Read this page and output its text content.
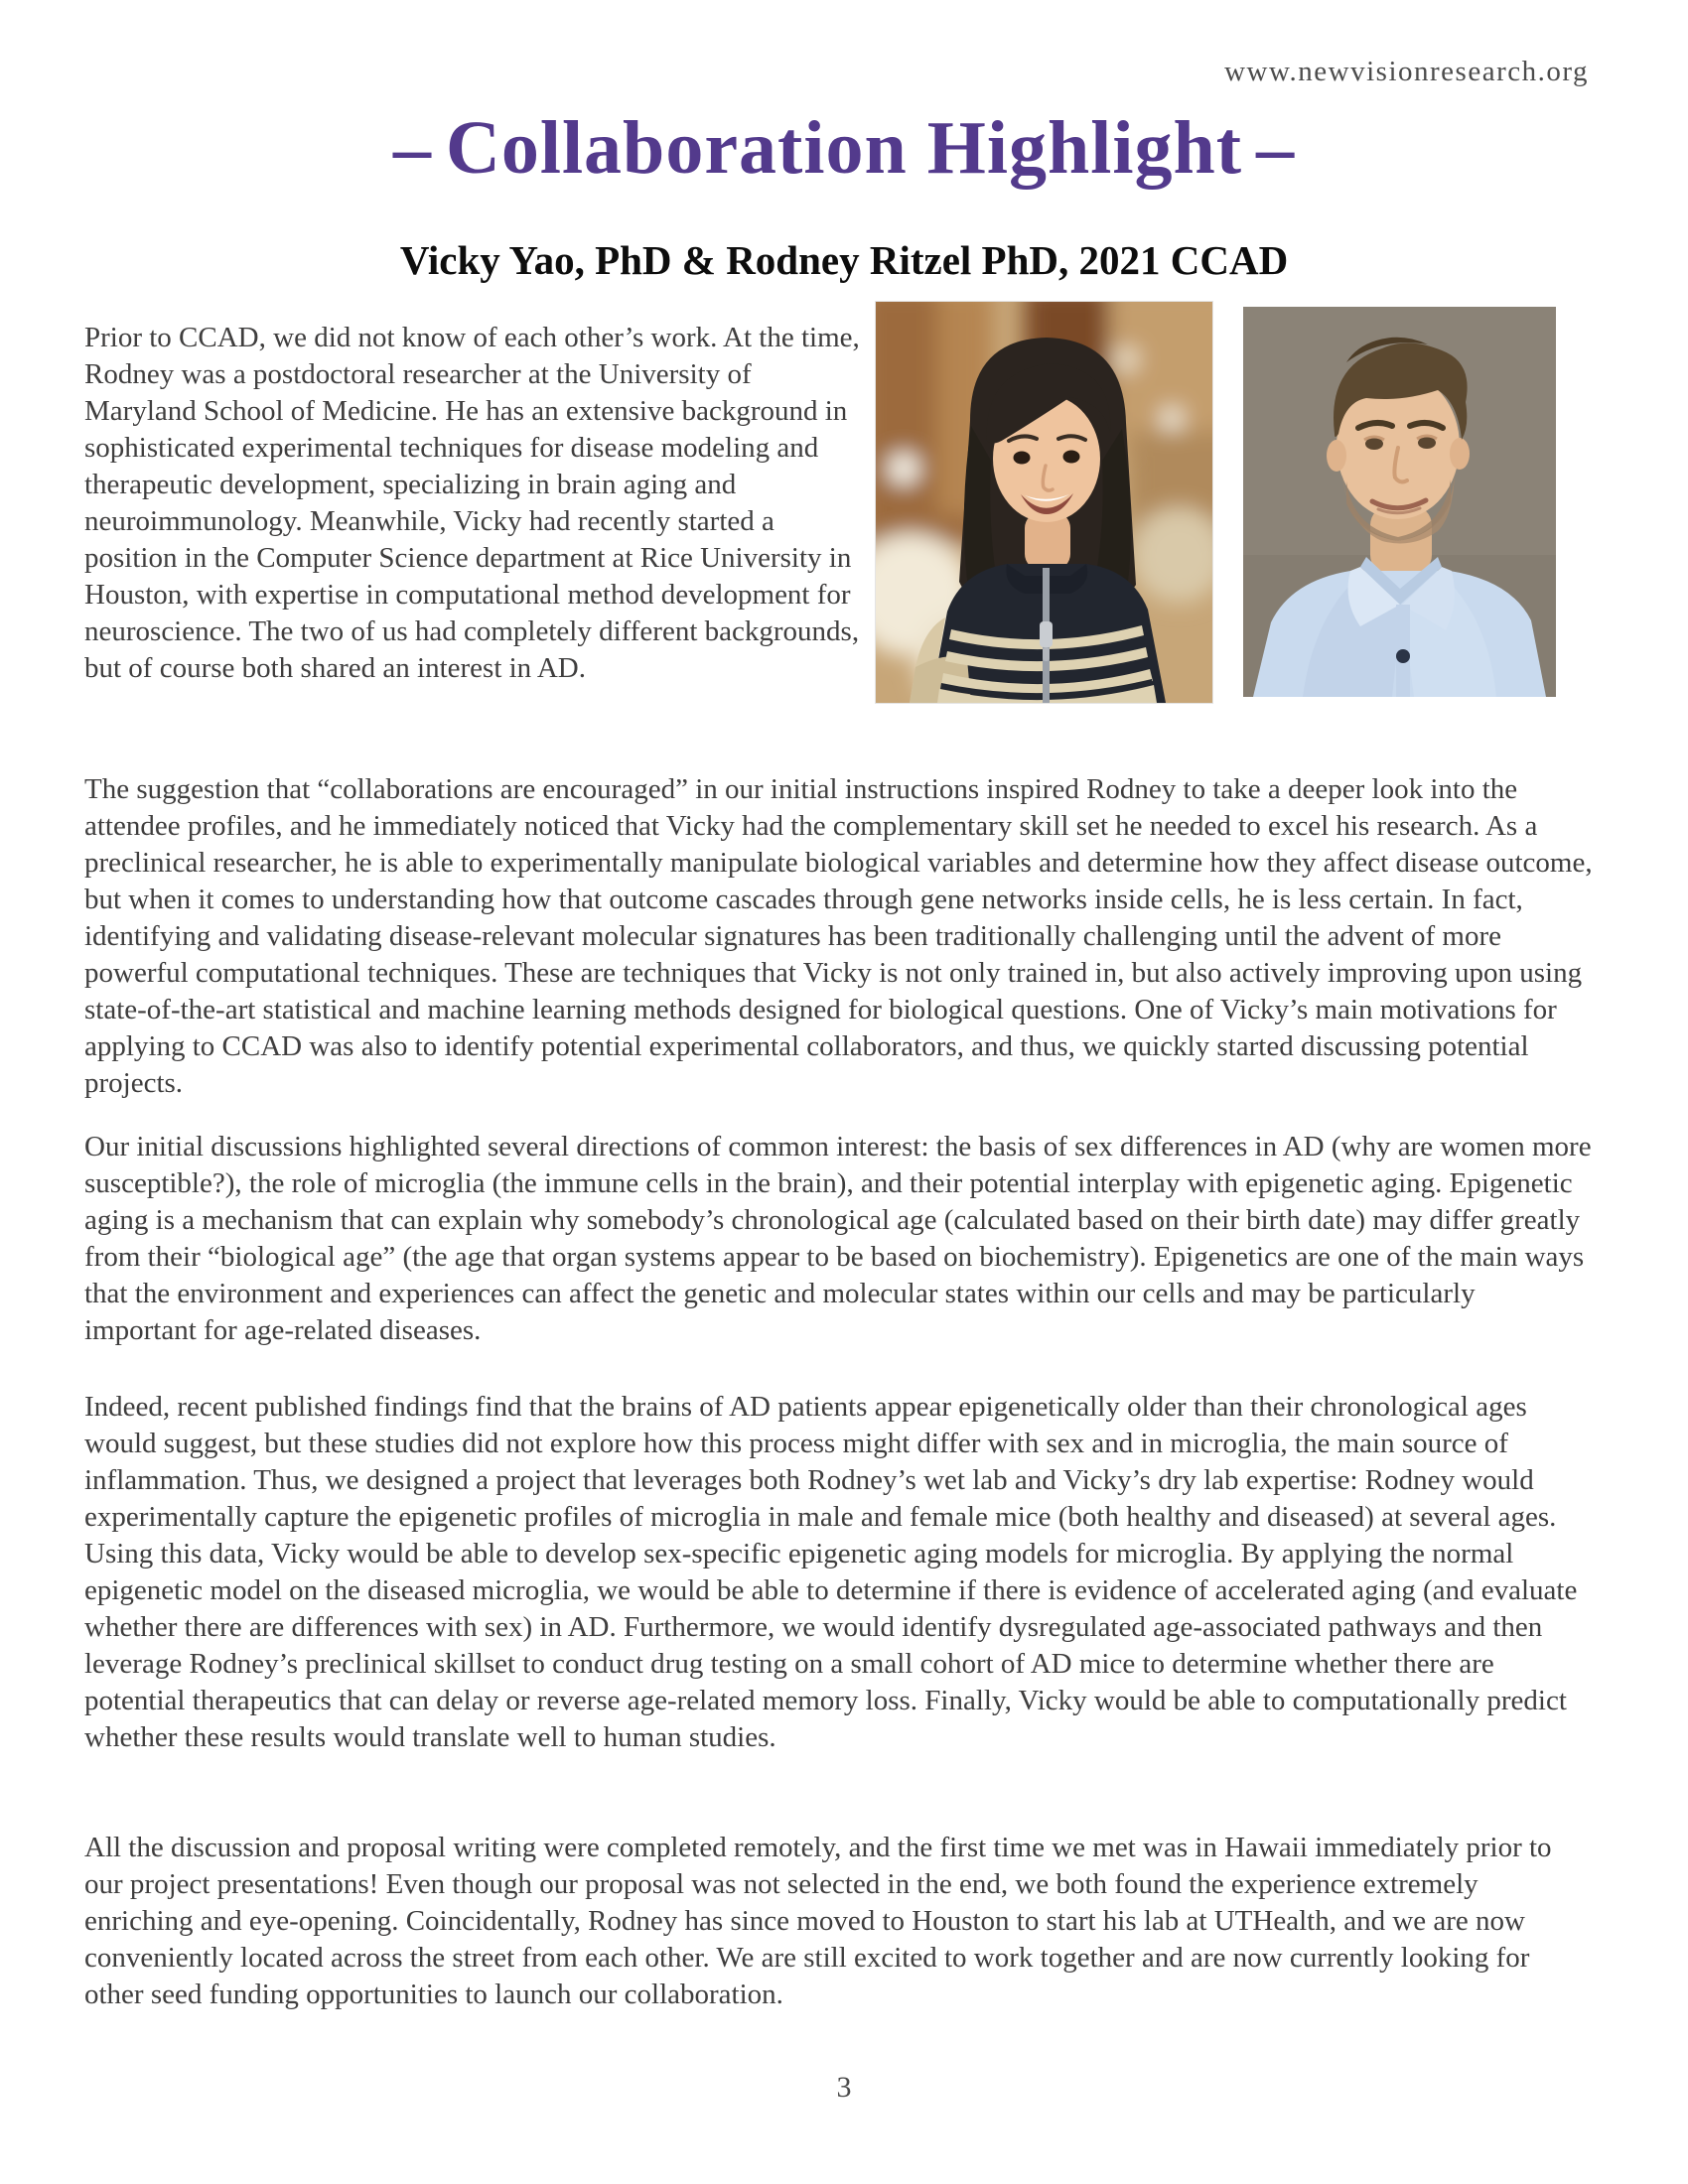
www.newvisionresearch.org
– Collaboration Highlight –
Vicky Yao, PhD & Rodney Ritzel PhD, 2021 CCAD

Prior to CCAD, we did not know of each other’s work. At the time, Rodney was a postdoctoral researcher at the University of Maryland School of Medicine. He has an extensive background in sophisticated experimental techniques for disease modeling and therapeutic development, specializing in brain aging and neuroimmunology. Meanwhile, Vicky had recently started a position in the Computer Science department at Rice University in Houston, with expertise in computational method development for neuroscience. The two of us had completely different backgrounds, but of course both shared an interest in AD.

The suggestion that “collaborations are encouraged” in our initial instructions inspired Rodney to take a deeper look into the attendee profiles, and he immediately noticed that Vicky had the complementary skill set he needed to excel his research. As a preclinical researcher, he is able to experimentally manipulate biological variables and determine how they affect disease outcome, but when it comes to understanding how that outcome cascades through gene networks inside cells, he is less certain. In fact, identifying and validating disease-relevant molecular signatures has been traditionally challenging until the advent of more powerful computational techniques. These are techniques that Vicky is not only trained in, but also actively improving upon using state-of-the-art statistical and machine learning methods designed for biological questions. One of Vicky’s main motivations for applying to CCAD was also to identify potential experimental collaborators, and thus, we quickly started discussing potential projects.

Our initial discussions highlighted several directions of common interest: the basis of sex differences in AD (why are women more susceptible?), the role of microglia (the immune cells in the brain), and their potential interplay with epigenetic aging. Epigenetic aging is a mechanism that can explain why somebody’s chronological age (calculated based on their birth date) may differ greatly from their “biological age” (the age that organ systems appear to be based on biochemistry). Epigenetics are one of the main ways that the environment and experiences can affect the genetic and molecular states within our cells and may be particularly important for age-related diseases.

Indeed, recent published findings find that the brains of AD patients appear epigenetically older than their chronological ages would suggest, but these studies did not explore how this process might differ with sex and in microglia, the main source of inflammation. Thus, we designed a project that leverages both Rodney’s wet lab and Vicky’s dry lab expertise: Rodney would experimentally capture the epigenetic profiles of microglia in male and female mice (both healthy and diseased) at several ages. Using this data, Vicky would be able to develop sex-specific epigenetic aging models for microglia. By applying the normal epigenetic model on the diseased microglia, we would be able to determine if there is evidence of accelerated aging (and evaluate whether there are differences with sex) in AD. Furthermore, we would identify dysregulated age-associated pathways and then leverage Rodney’s preclinical skillset to conduct drug testing on a small cohort of AD mice to determine whether there are potential therapeutics that can delay or reverse age-related memory loss. Finally, Vicky would be able to computationally predict whether these results would translate well to human studies.

All the discussion and proposal writing were completed remotely, and the first time we met was in Hawaii immediately prior to our project presentations! Even though our proposal was not selected in the end, we both found the experience extremely enriching and eye-opening. Coincidentally, Rodney has since moved to Houston to start his lab at UTHealth, and we are now conveniently located across the street from each other. We are still excited to work together and are now currently looking for other seed funding opportunities to launch our collaboration.

3
